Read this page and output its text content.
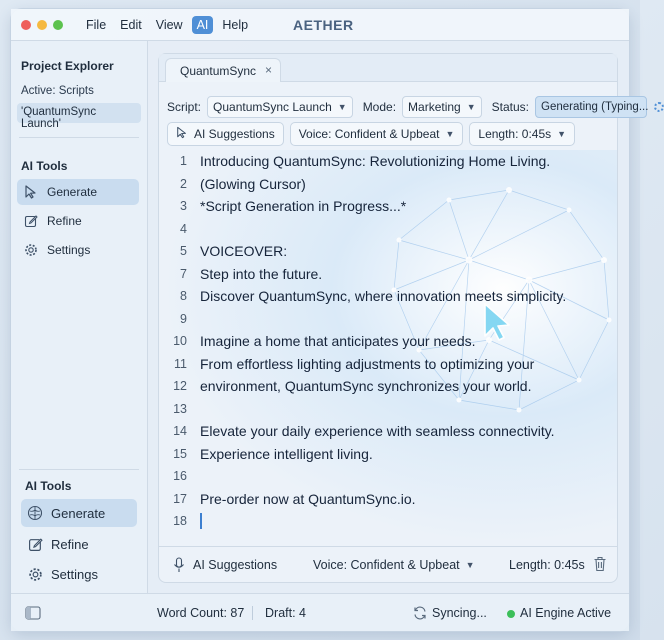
File	Edit	View	AI	Help	AETHER
Project Explorer
Active: Scripts
'QuantumSync Launch'
AI Tools
Generate
Refine
Settings
AI Tools
Generate
Refine
Settings
QuantumSync ×
Script: QuantumSync Launch ▼ Mode: Marketing ▼ Status: Generating (Typing...
AI Suggestions Voice: Confident & Upbeat ▼ Length: 0:45s ▼
1 Introducing QuantumSync: Revolutionizing Home Living.
2 (Glowing Cursor)
3 *Script Generation in Progress...*
4
5 VOICEOVER:
7 Step into the future.
8 Discover QuantumSync, where innovation meets simplicity.
9
10 Imagine a home that anticipates your needs.
11 From effortless lighting adjustments to optimizing your
12 environment, QuantumSync synchronizes your world.
13
14 Elevate your daily experience with seamless connectivity.
15 Experience intelligent living.
16
17 Pre-order now at QuantumSync.io.
18
AI Suggestions	Voice: Confident & Upbeat ▼	Length: 0:45s
Word Count: 87 Draft: 4	Syncing...	AI Engine Active
